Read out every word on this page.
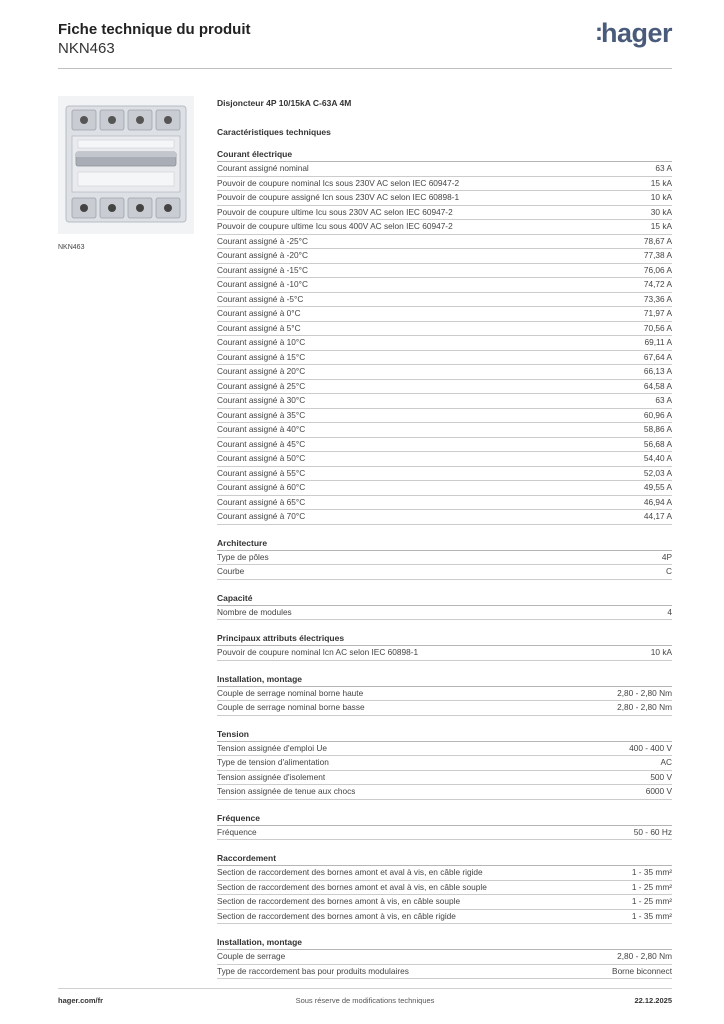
Fiche technique du produit
NKN463
:hager
NKN463
Disjoncteur 4P 10/15kA C-63A 4M
Caractéristiques techniques
Courant électrique
Courant assigné nominal	63 A
Pouvoir de coupure nominal Ics sous 230V AC selon IEC 60947-2	15 kA
Pouvoir de coupure assigné Icn sous 230V AC selon IEC 60898-1	10 kA
Pouvoir de coupure ultime Icu sous 230V AC selon IEC 60947-2	30 kA
Pouvoir de coupure ultime Icu sous 400V AC selon IEC 60947-2	15 kA
Courant assigné à -25°C	78,67 A
Courant assigné à -20°C	77,38 A
Courant assigné à -15°C	76,06 A
Courant assigné à -10°C	74,72 A
Courant assigné à -5°C	73,36 A
Courant assigné à 0°C	71,97 A
Courant assigné à 5°C	70,56 A
Courant assigné à 10°C	69,11 A
Courant assigné à 15°C	67,64 A
Courant assigné à 20°C	66,13 A
Courant assigné à 25°C	64,58 A
Courant assigné à 30°C	63 A
Courant assigné à 35°C	60,96 A
Courant assigné à 40°C	58,86 A
Courant assigné à 45°C	56,68 A
Courant assigné à 50°C	54,40 A
Courant assigné à 55°C	52,03 A
Courant assigné à 60°C	49,55 A
Courant assigné à 65°C	46,94 A
Courant assigné à 70°C	44,17 A
Architecture
Type de pôles	4P
Courbe	C
Capacité
Nombre de modules	4
Principaux attributs électriques
Pouvoir de coupure nominal Icn AC selon IEC 60898-1	10 kA
Installation, montage
Couple de serrage nominal borne haute	2,80 - 2,80 Nm
Couple de serrage nominal borne basse	2,80 - 2,80 Nm
Tension
Tension assignée d'emploi Ue	400 - 400 V
Type de tension d'alimentation	AC
Tension assignée d'isolement	500 V
Tension assignée de tenue aux chocs	6000 V
Fréquence
Fréquence	50 - 60 Hz
Raccordement
Section de raccordement des bornes amont et aval à vis, en câble rigide	1 - 35 mm²
Section de raccordement des bornes amont et aval à vis, en câble souple	1 - 25 mm²
Section de raccordement des bornes amont à vis, en câble souple	1 - 25 mm²
Section de raccordement des bornes amont à vis, en câble rigide	1 - 35 mm²
Installation, montage
Couple de serrage	2,80 - 2,80 Nm
Type de raccordement bas pour produits modulaires	Borne biconnect
hager.com/fr	Sous réserve de modifications techniques	22.12.2025
